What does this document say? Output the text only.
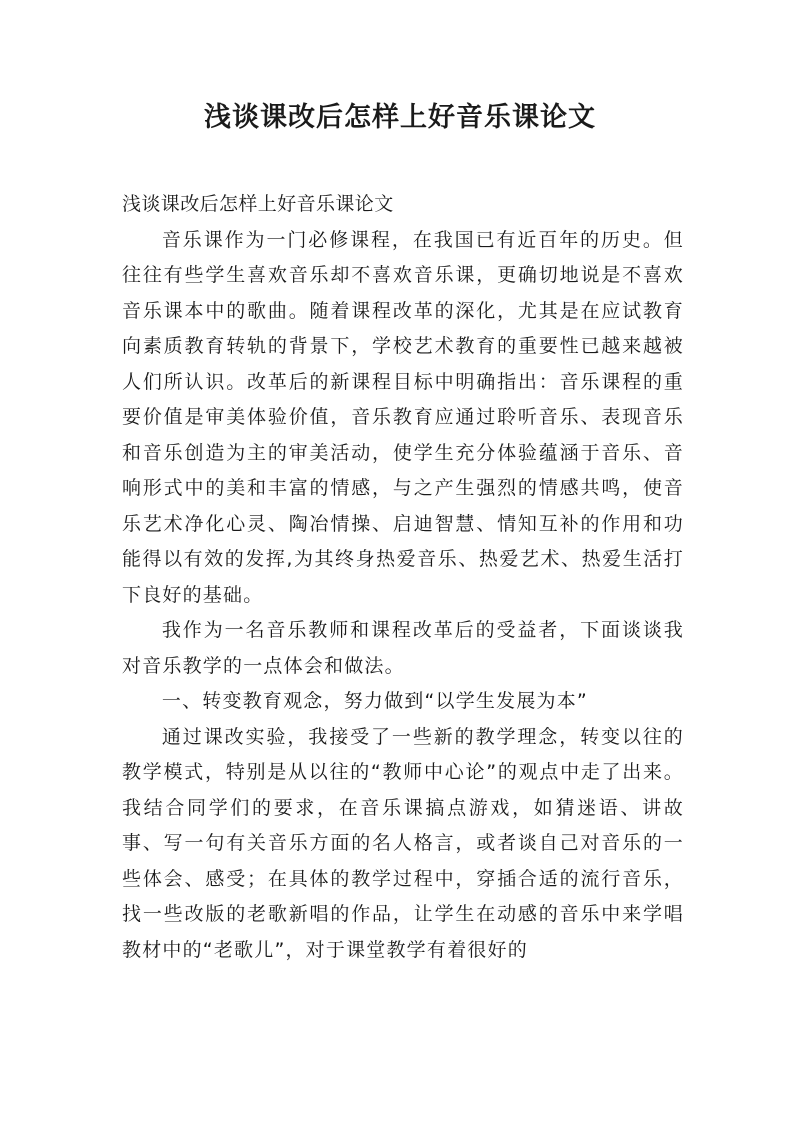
浅谈课改后怎样上好音乐课论文

浅谈课改后怎样上好音乐课论文

音乐课作为一门必修课程，在我国已有近百年的历史。但往往有些学生喜欢音乐却不喜欢音乐课，更确切地说是不喜欢音乐课本中的歌曲。随着课程改革的深化，尤其是在应试教育向素质教育转轨的背景下，学校艺术教育的重要性已越来越被人们所认识。改革后的新课程目标中明确指出：音乐课程的重要价值是审美体验价值，音乐教育应通过聆听音乐、表现音乐和音乐创造为主的审美活动，使学生充分体验蕴涵于音乐、音响形式中的美和丰富的情感，与之产生强烈的情感共鸣，使音乐艺术净化心灵、陶冶情操、启迪智慧、情知互补的作用和功能得以有效的发挥,为其终身热爱音乐、热爱艺术、热爱生活打下良好的基础。

我作为一名音乐教师和课程改革后的受益者，下面谈谈我对音乐教学的一点体会和做法。

一、转变教育观念，努力做到“以学生发展为本”

通过课改实验，我接受了一些新的教学理念，转变以往的教学模式，特别是从以往的“教师中心论”的观点中走了出来。我结合同学们的要求，在音乐课搞点游戏，如猜迷语、讲故事、写一句有关音乐方面的名人格言，或者谈自己对音乐的一些体会、感受；在具体的教学过程中，穿插合适的流行音乐，找一些改版的老歌新唱的作品，让学生在动感的音乐中来学唱教材中的“老歌儿”，对于课堂教学有着很好的
